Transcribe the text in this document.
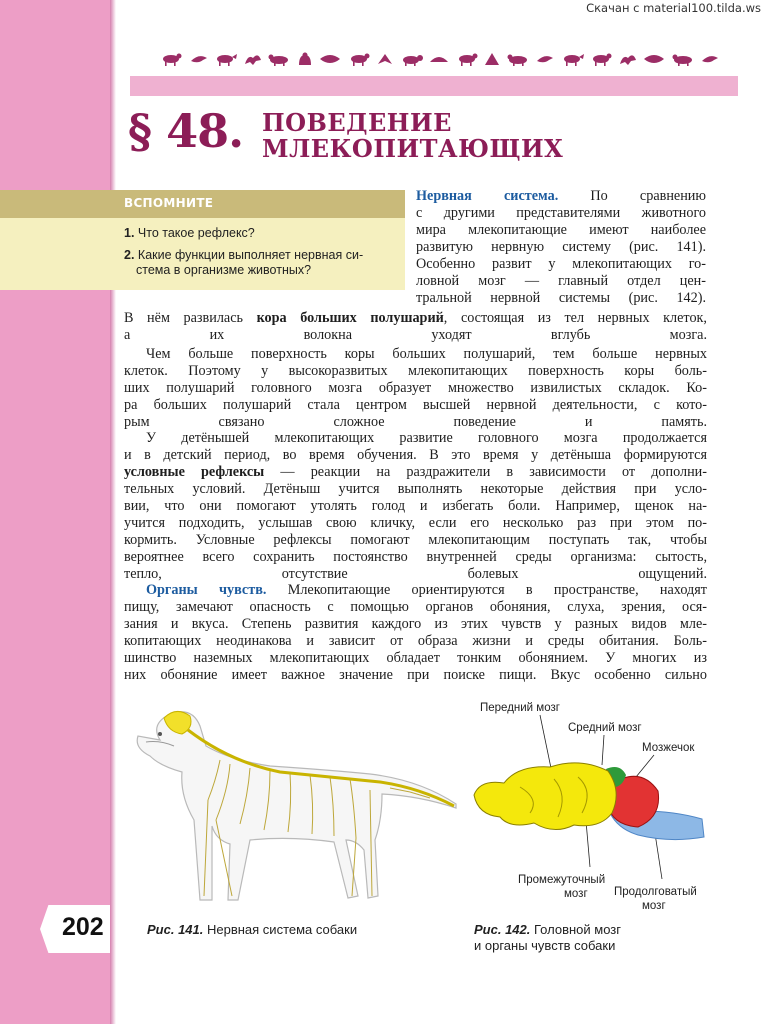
Скачан с material100.tilda.ws
§ 48. ПОВЕДЕНИЕ
МЛЕКОПИТАЮЩИХ
ВСПОМНИТЕ
1. Что такое рефлекс?
2. Какие функции выполняет нервная си-
стема в организме животных?
Нервная система. По сравнению
с другими представителями животного
мира млекопитающие имеют наиболее
развитую нервную систему (рис. 141).
Особенно развит у млекопитающих го-
ловной мозг — главный отдел цен-
тральной нервной системы (рис. 142).
В нём развилась кора больших полушарий, состоящая из тел нервных клеток,
а их волокна уходят вглубь мозга.
Чем больше поверхность коры больших полушарий, тем больше нервных
клеток. Поэтому у высокоразвитых млекопитающих поверхность коры боль-
ших полушарий головного мозга образует множество извилистых складок. Ко-
ра больших полушарий стала центром высшей нервной деятельности, с кото-
рым связано сложное поведение и память.
У детёнышей млекопитающих развитие головного мозга продолжается
и в детский период, во время обучения. В это время у детёныша формируются
условные рефлексы — реакции на раздражители в зависимости от дополни-
тельных условий. Детёныш учится выполнять некоторые действия при усло-
вии, что они помогают утолять голод и избегать боли. Например, щенок на-
учится подходить, услышав свою кличку, если его несколько раз при этом по-
кормить. Условные рефлексы помогают млекопитающим поступать так, чтобы
вероятнее всего сохранить постоянство внутренней среды организма: сытость,
тепло, отсутствие болевых ощущений.
Органы чувств. Млекопитающие ориентируются в пространстве, находят
пищу, замечают опасность с помощью органов обоняния, слуха, зрения, ося-
зания и вкуса. Степень развития каждого из этих чувств у разных видов мле-
копитающих неодинакова и зависит от образа жизни и среды обитания. Боль-
шинство наземных млекопитающих обладает тонким обонянием. У многих из
них обоняние имеет важное значение при поиске пищи. Вкус особенно сильно
Рис. 141. Нервная система собаки
Передний мозг
Средний мозг
Мозжечок
Промежуточный
мозг Продолговатый
мозг
Рис. 142. Головной мозг
и органы чувств собаки
202
